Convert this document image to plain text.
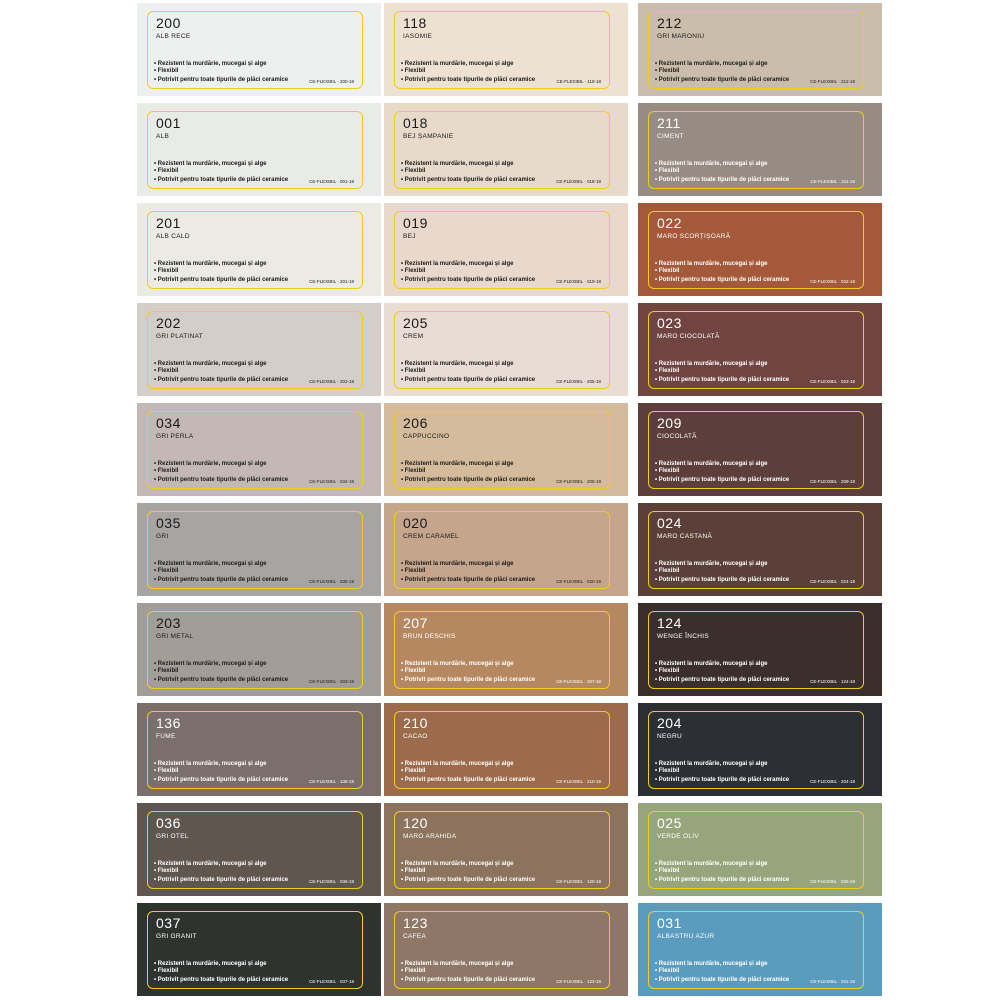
200
ALB RECE
• Rezistent la murdărie, mucegai și alge
• Flexibil
• Potrivit pentru toate tipurile de plăci ceramice	CE-FLEXIBIL · 200-18
001
ALB
• Rezistent la murdărie, mucegai și alge
• Flexibil
• Potrivit pentru toate tipurile de plăci ceramice	CE-FLEXIBIL · 001-18
201
ALB CALD
• Rezistent la murdărie, mucegai și alge
• Flexibil
• Potrivit pentru toate tipurile de plăci ceramice	CE-FLEXIBIL · 201-18
202
GRI PLATINAT
• Rezistent la murdărie, mucegai și alge
• Flexibil
• Potrivit pentru toate tipurile de plăci ceramice	CE-FLEXIBIL · 202-18
034
GRI PERLA
• Rezistent la murdărie, mucegai și alge
• Flexibil
• Potrivit pentru toate tipurile de plăci ceramice	CE-FLEXIBIL · 034-18
035
GRI
• Rezistent la murdărie, mucegai și alge
• Flexibil
• Potrivit pentru toate tipurile de plăci ceramice	CE-FLEXIBIL · 035-18
203
GRI METAL
• Rezistent la murdărie, mucegai și alge
• Flexibil
• Potrivit pentru toate tipurile de plăci ceramice	CE-FLEXIBIL · 203-18
136
FUME
• Rezistent la murdărie, mucegai și alge
• Flexibil
• Potrivit pentru toate tipurile de plăci ceramice	CE-FLEXIBIL · 136-18
036
GRI OTEL
• Rezistent la murdărie, mucegai și alge
• Flexibil
• Potrivit pentru toate tipurile de plăci ceramice	CE-FLEXIBIL · 036-18
037
GRI GRANIT
• Rezistent la murdărie, mucegai și alge
• Flexibil
• Potrivit pentru toate tipurile de plăci ceramice	CE-FLEXIBIL · 037-18
118
IASOMIE
• Rezistent la murdărie, mucegai și alge
• Flexibil
• Potrivit pentru toate tipurile de plăci ceramice	CE-FLEXIBIL · 118-18
018
BEJ ȘAMPANIE
• Rezistent la murdărie, mucegai și alge
• Flexibil
• Potrivit pentru toate tipurile de plăci ceramice	CE-FLEXIBIL · 018-18
019
BEJ
• Rezistent la murdărie, mucegai și alge
• Flexibil
• Potrivit pentru toate tipurile de plăci ceramice	CE-FLEXIBIL · 019-18
205
CREM
• Rezistent la murdărie, mucegai și alge
• Flexibil
• Potrivit pentru toate tipurile de plăci ceramice	CE-FLEXIBIL · 205-18
206
CAPPUCCINO
• Rezistent la murdărie, mucegai și alge
• Flexibil
• Potrivit pentru toate tipurile de plăci ceramice	CE-FLEXIBIL · 206-18
020
CREM CARAMEL
• Rezistent la murdărie, mucegai și alge
• Flexibil
• Potrivit pentru toate tipurile de plăci ceramice	CE-FLEXIBIL · 020-18
207
BRUN DESCHIS
• Rezistent la murdărie, mucegai și alge
• Flexibil
• Potrivit pentru toate tipurile de plăci ceramice	CE-FLEXIBIL · 207-18
210
CACAO
• Rezistent la murdărie, mucegai și alge
• Flexibil
• Potrivit pentru toate tipurile de plăci ceramice	CE-FLEXIBIL · 210-18
120
MARO ARAHIDA
• Rezistent la murdărie, mucegai și alge
• Flexibil
• Potrivit pentru toate tipurile de plăci ceramice	CE-FLEXIBIL · 120-18
123
CAFEA
• Rezistent la murdărie, mucegai și alge
• Flexibil
• Potrivit pentru toate tipurile de plăci ceramice	CE-FLEXIBIL · 123-18
212
GRI MARONIU
• Rezistent la murdărie, mucegai și alge
• Flexibil
• Potrivit pentru toate tipurile de plăci ceramice	CE-FLEXIBIL · 212-18
211
CIMENT
• Rezistent la murdărie, mucegai și alge
• Flexibil
• Potrivit pentru toate tipurile de plăci ceramice	CE-FLEXIBIL · 211-18
022
MARO SCORȚIȘOARĂ
• Rezistent la murdărie, mucegai și alge
• Flexibil
• Potrivit pentru toate tipurile de plăci ceramice	CE-FLEXIBIL · 022-18
023
MARO CIOCOLATĂ
• Rezistent la murdărie, mucegai și alge
• Flexibil
• Potrivit pentru toate tipurile de plăci ceramice	CE-FLEXIBIL · 023-18
209
CIOCOLATĂ
• Rezistent la murdărie, mucegai și alge
• Flexibil
• Potrivit pentru toate tipurile de plăci ceramice	CE-FLEXIBIL · 209-18
024
MARO CASTANĂ
• Rezistent la murdărie, mucegai și alge
• Flexibil
• Potrivit pentru toate tipurile de plăci ceramice	CE-FLEXIBIL · 024-18
124
WENGE ÎNCHIS
• Rezistent la murdărie, mucegai și alge
• Flexibil
• Potrivit pentru toate tipurile de plăci ceramice	CE-FLEXIBIL · 124-18
204
NEGRU
• Rezistent la murdărie, mucegai și alge
• Flexibil
• Potrivit pentru toate tipurile de plăci ceramice	CE-FLEXIBIL · 204-18
025
VERDE OLIV
• Rezistent la murdărie, mucegai și alge
• Flexibil
• Potrivit pentru toate tipurile de plăci ceramice	CE-FLEXIBIL · 025-18
031
ALBASTRU AZUR
• Rezistent la murdărie, mucegai și alge
• Flexibil
• Potrivit pentru toate tipurile de plăci ceramice	CE-FLEXIBIL · 031-18
